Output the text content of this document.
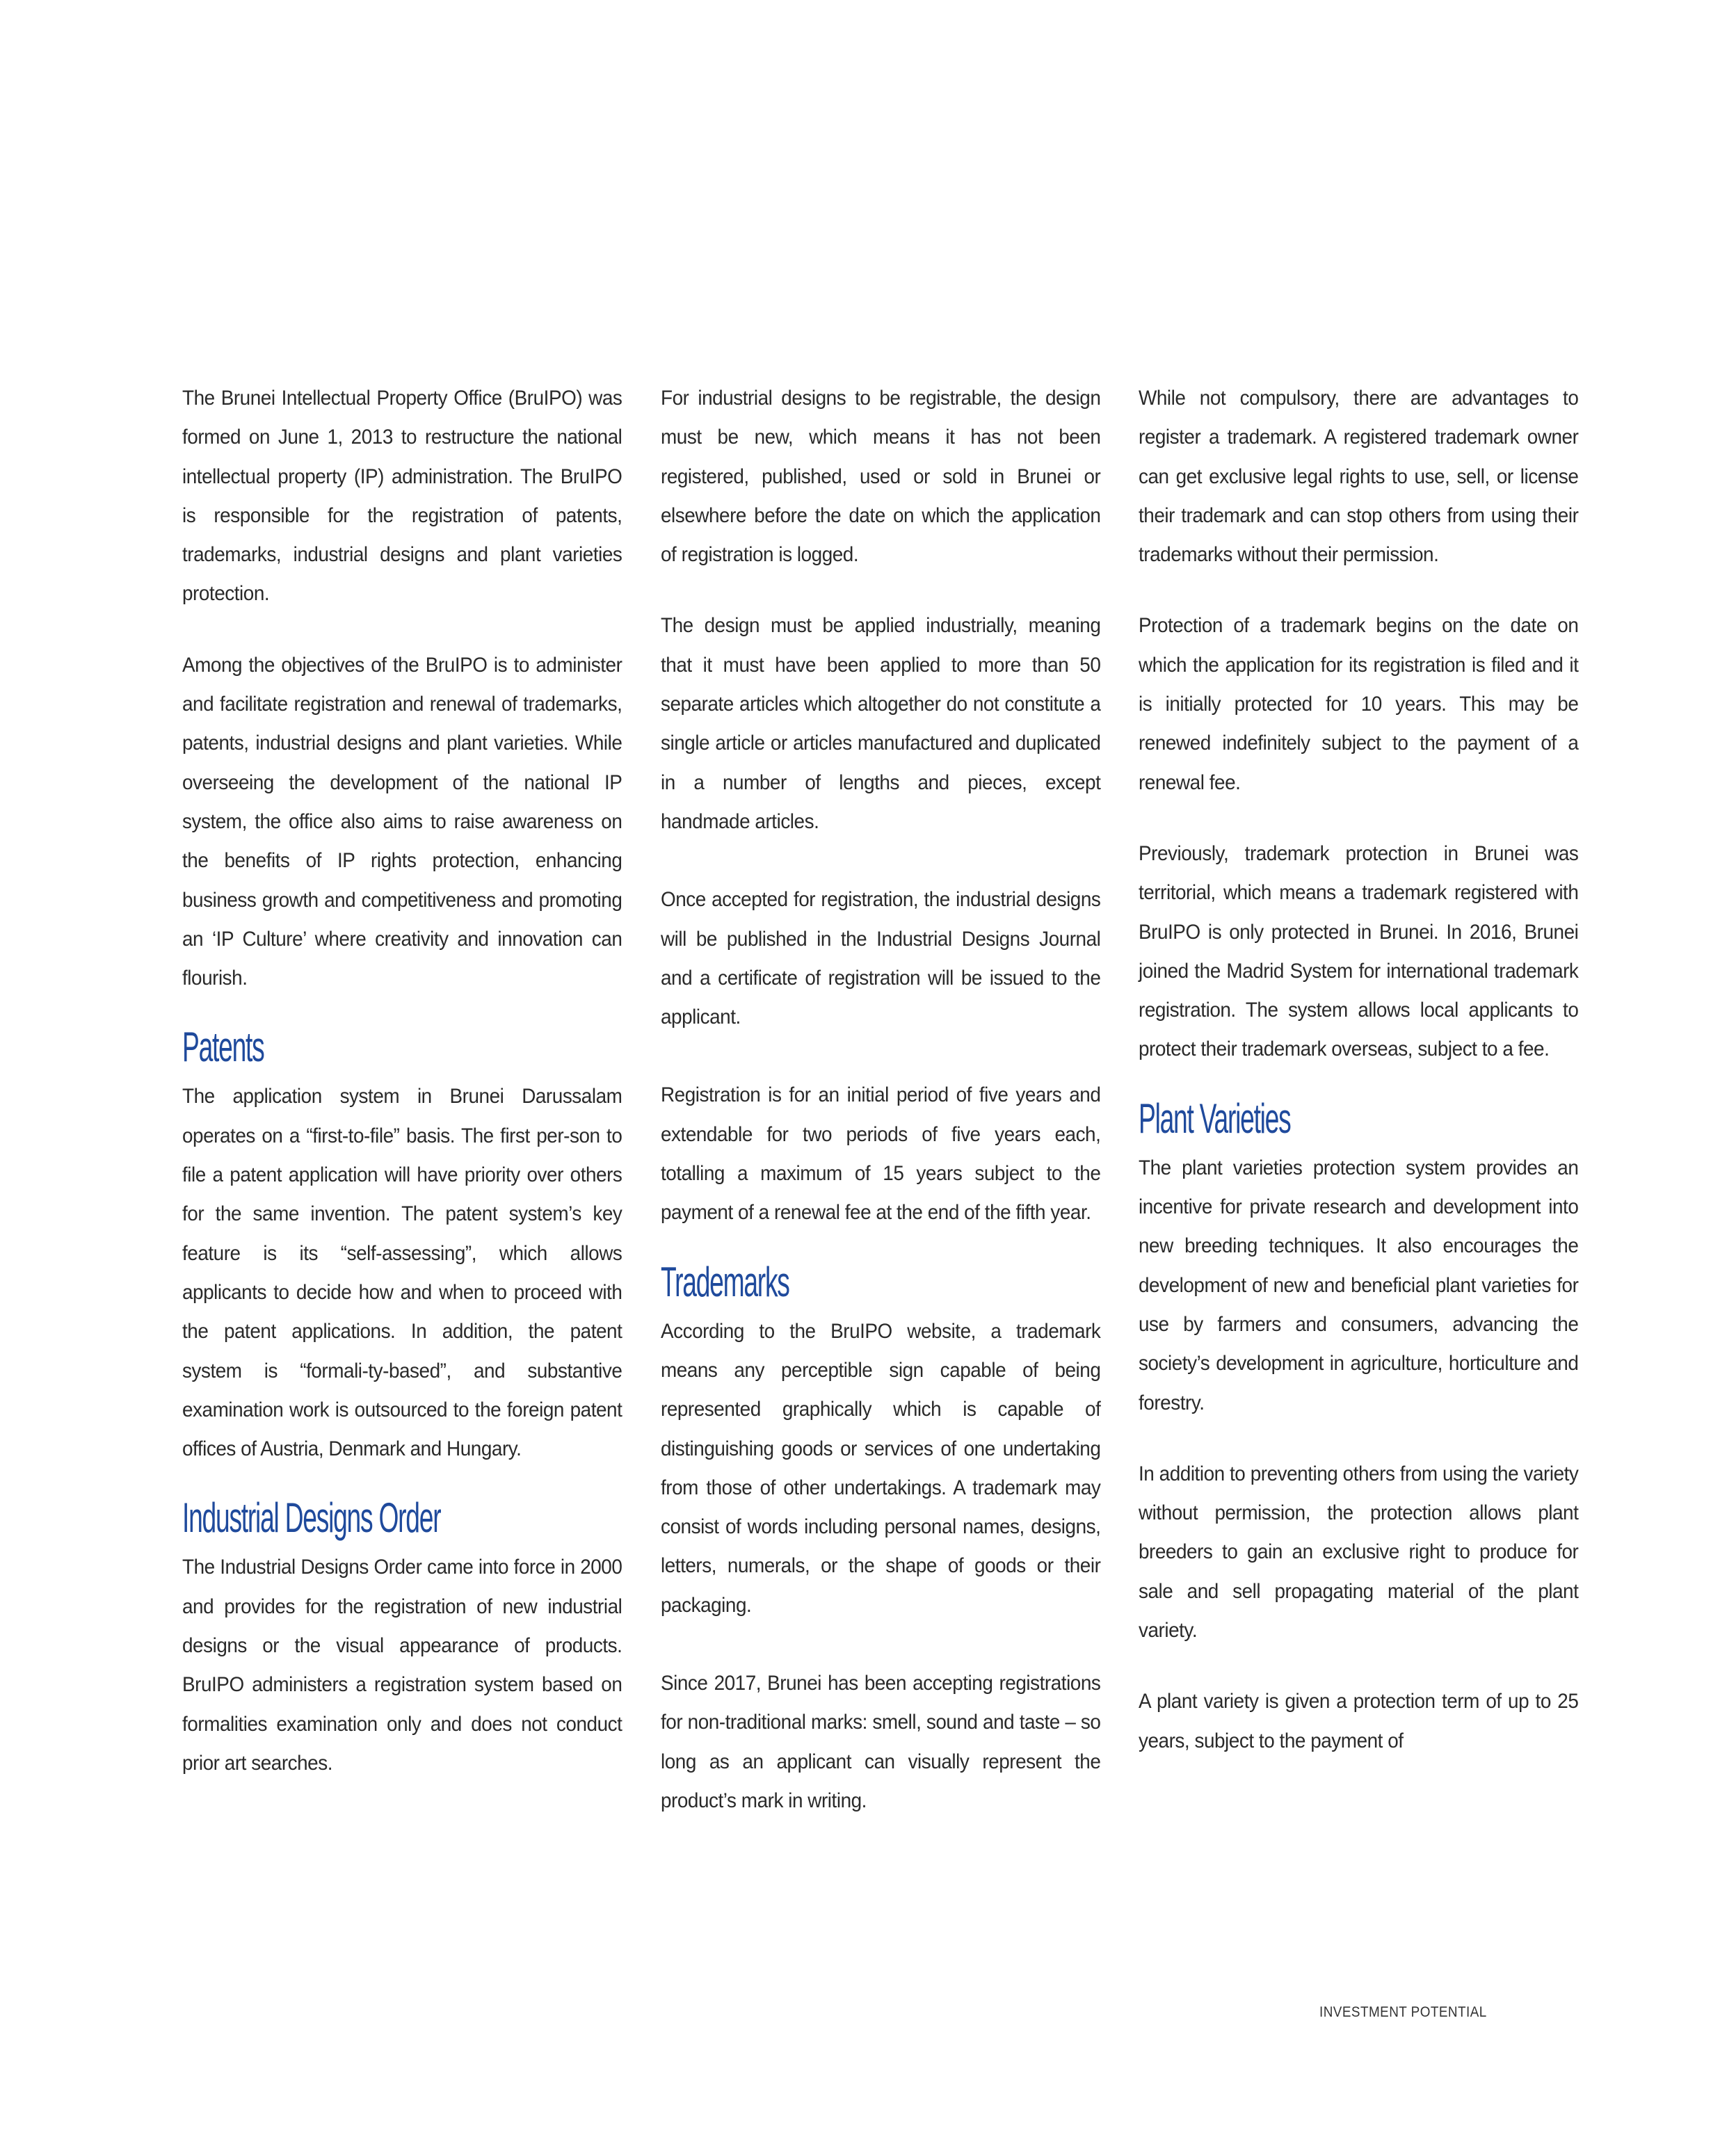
The Brunei Intellectual Property Office (BruIPO) was formed on June 1, 2013 to restructure the national intellectual property (IP) administration. The BruIPO is responsible for the registration of patents, trademarks, industrial designs and plant varieties protection.

Among the objectives of the BruIPO is to administer and facilitate registration and renewal of trademarks, patents, industrial designs and plant varieties. While overseeing the development of the national IP system, the office also aims to raise awareness on the benefits of IP rights protection, enhancing business growth and competitiveness and promoting an ‘IP Culture’ where creativity and innovation can flourish.

Patents

The application system in Brunei Darussalam operates on a “first-to-file” basis. The first per-son to file a patent application will have priority over others for the same invention. The patent system’s key feature is its “self-assessing”, which allows applicants to decide how and when to proceed with the patent applications. In addition, the patent system is “formali-ty-based”, and substantive examination work is outsourced to the foreign patent offices of Austria, Denmark and Hungary.

Industrial Designs Order

The Industrial Designs Order came into force in 2000 and provides for the registration of new industrial designs or the visual appearance of products. BruIPO administers a registration system based on formalities examination only and does not conduct prior art searches.

For industrial designs to be registrable, the design must be new, which means it has not been registered, published, used or sold in Brunei or elsewhere before the date on which the application of registration is logged.

The design must be applied industrially, meaning that it must have been applied to more than 50 separate articles which altogether do not constitute a single article or articles manufactured and duplicated in a number of lengths and pieces, except handmade articles.

Once accepted for registration, the industrial designs will be published in the Industrial Designs Journal and a certificate of registration will be issued to the applicant.

Registration is for an initial period of five years and extendable for two periods of five years each, totalling a maximum of 15 years subject to the payment of a renewal fee at the end of the fifth year.

Trademarks

According to the BruIPO website, a trademark means any perceptible sign capable of being represented graphically which is capable of distinguishing goods or services of one undertaking from those of other undertakings. A trademark may consist of words including personal names, designs, letters, numerals, or the shape of goods or their packaging.

Since 2017, Brunei has been accepting registrations for non-traditional marks: smell, sound and taste – so long as an applicant can visually represent the product’s mark in writing.

While not compulsory, there are advantages to register a trademark. A registered trademark owner can get exclusive legal rights to use, sell, or license their trademark and can stop others from using their trademarks without their permission.

Protection of a trademark begins on the date on which the application for its registration is filed and it is initially protected for 10 years. This may be renewed indefinitely subject to the payment of a renewal fee.

Previously, trademark protection in Brunei was territorial, which means a trademark registered with BruIPO is only protected in Brunei. In 2016, Brunei joined the Madrid System for international trademark registration. The system allows local applicants to protect their trademark overseas, subject to a fee.

Plant Varieties

The plant varieties protection system provides an incentive for private research and development into new breeding techniques. It also encourages the development of new and beneficial plant varieties for use by farmers and consumers, advancing the society’s development in agriculture, horticulture and forestry.

In addition to preventing others from using the variety without permission, the protection allows plant breeders to gain an exclusive right to produce for sale and sell propagating material of the plant variety.

A plant variety is given a protection term of up to 25 years, subject to the payment of

INVESTMENT POTENTIAL
